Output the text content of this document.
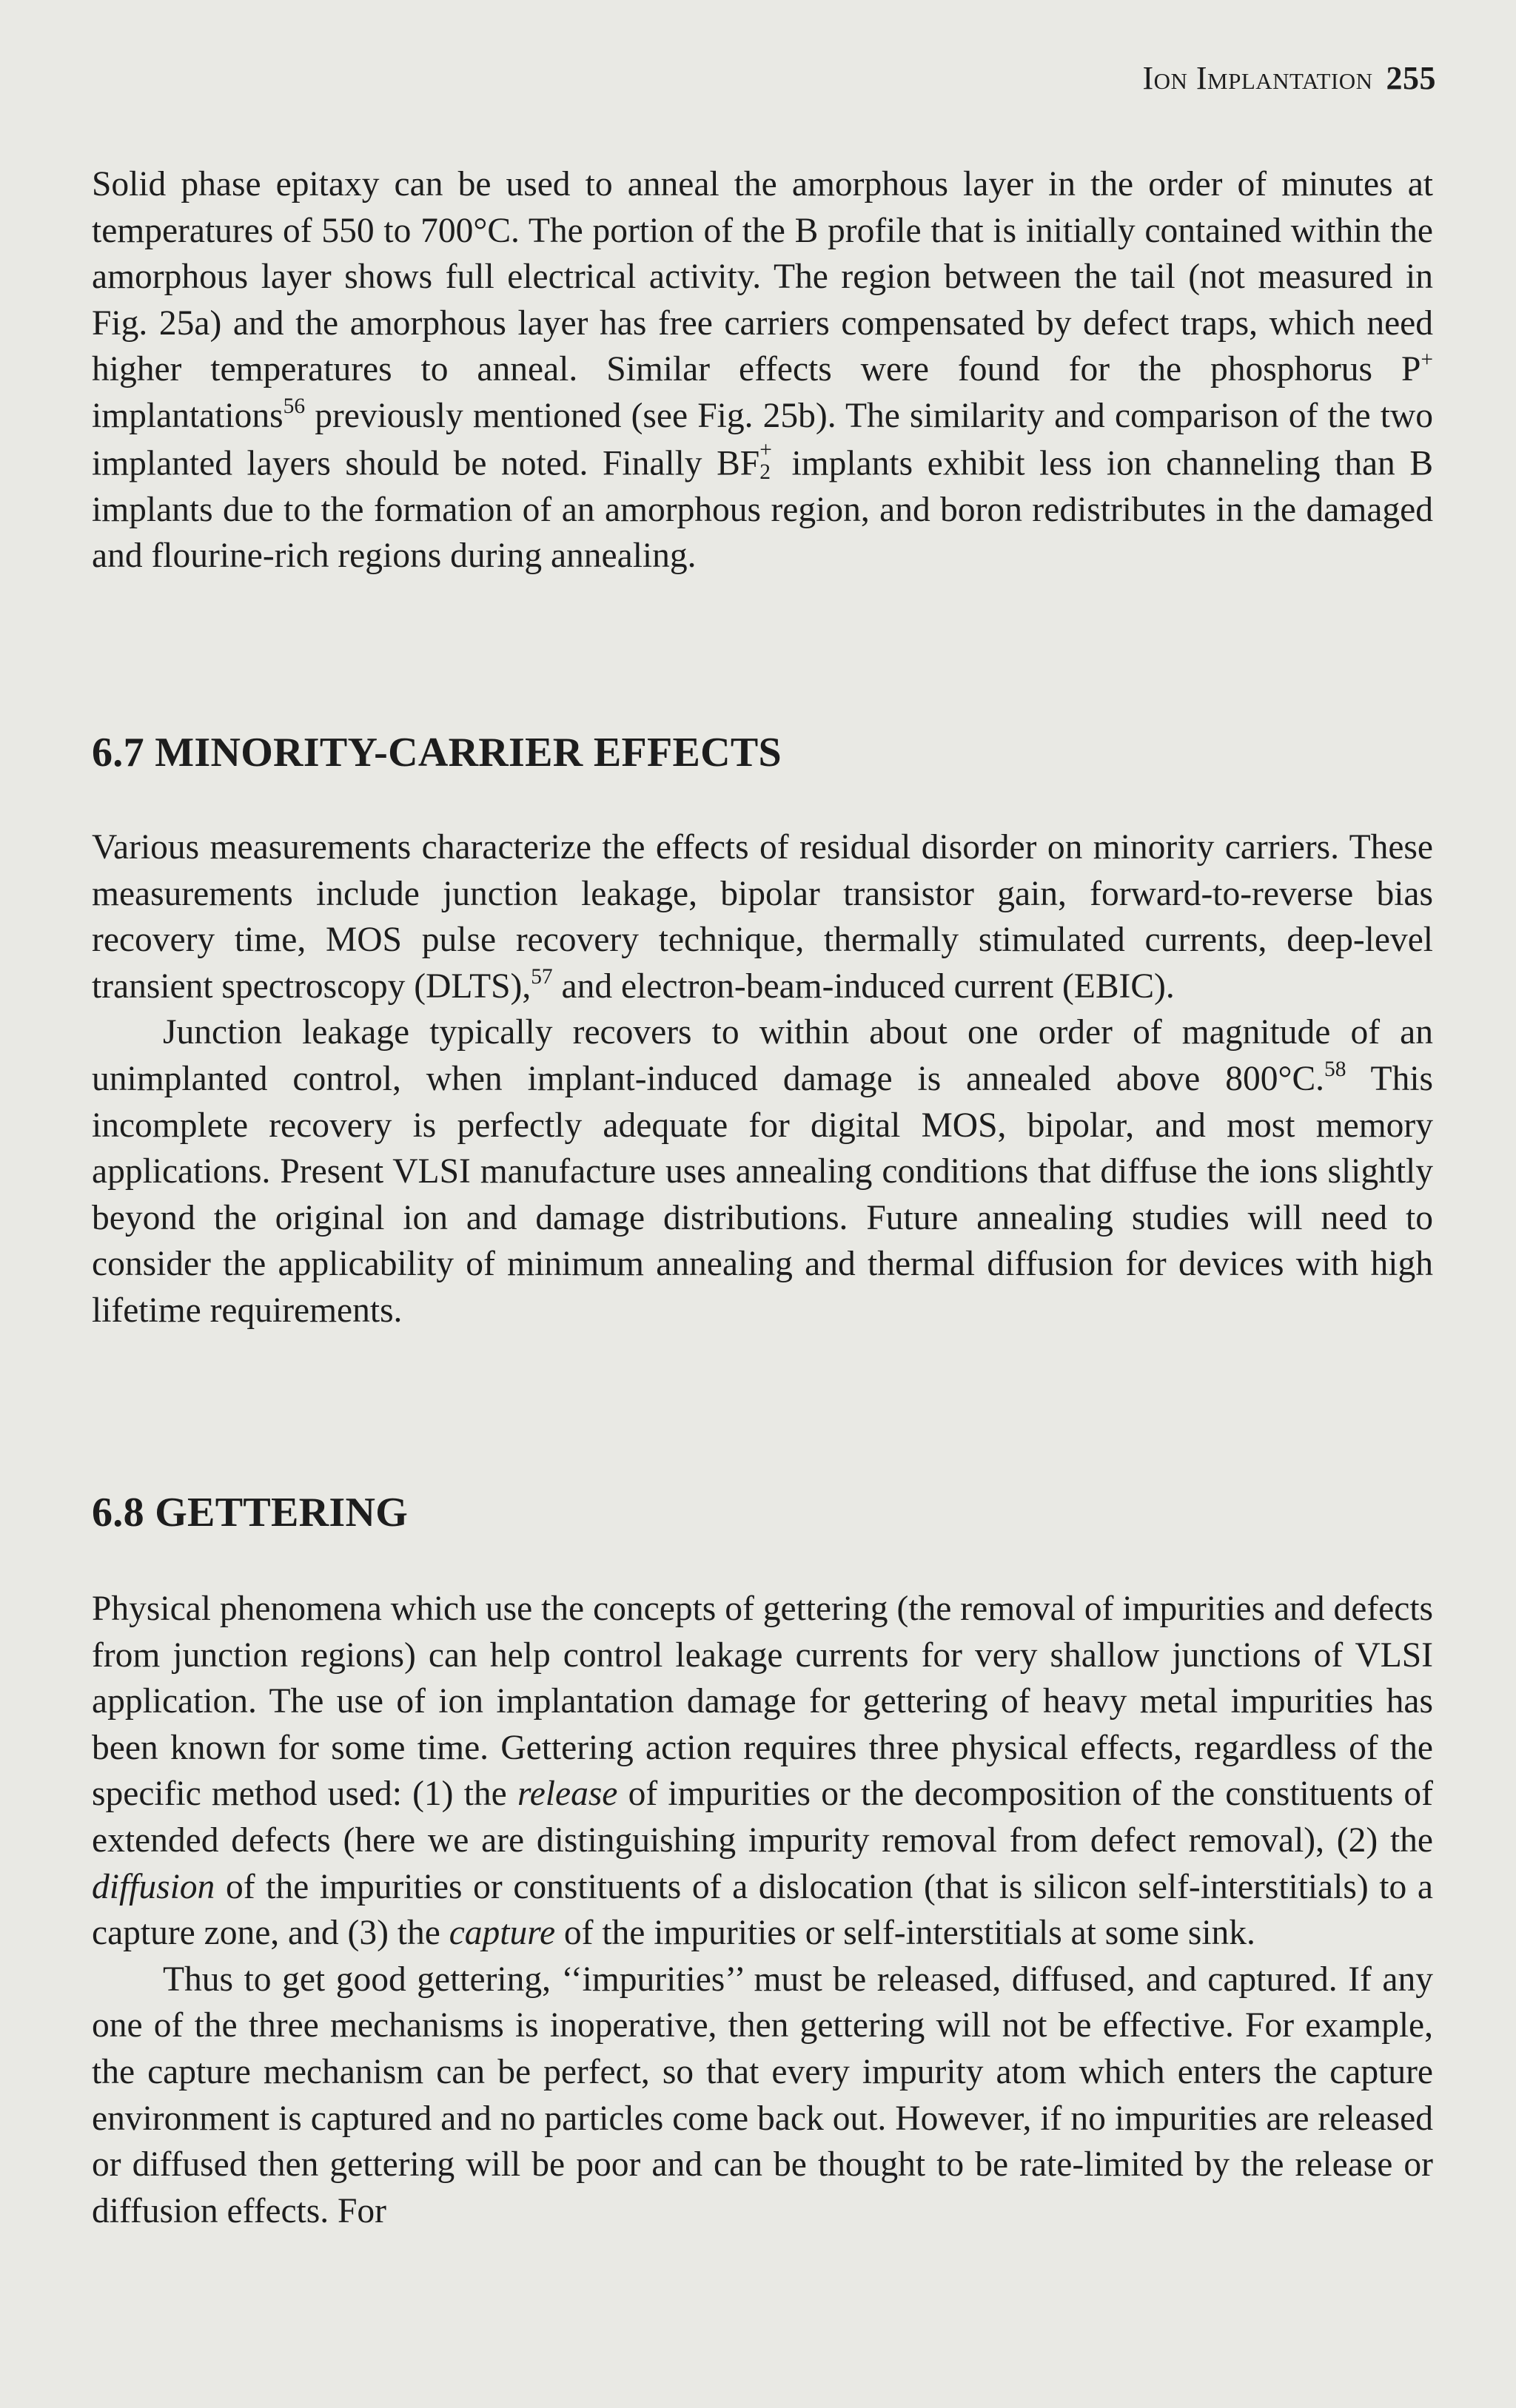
Ion Implantation 255

Solid phase epitaxy can be used to anneal the amorphous layer in the order of minutes at temperatures of 550 to 700°C. The portion of the B profile that is initially contained within the amorphous layer shows full electrical activity. The region between the tail (not measured in Fig. 25a) and the amorphous layer has free carriers compensated by defect traps, which need higher temperatures to anneal. Similar effects were found for the phosphorus P+ implantations$^{56}$ previously mentioned (see Fig. 25b). The similarity and comparison of the two implanted layers should be noted. Finally BF +
2 implants exhibit less ion channeling than B implants due to the formation of an amorphous region, and boron redistributes in the damaged and flourine-rich regions during annealing.

6.7 MINORITY-CARRIER EFFECTS

Various measurements characterize the effects of residual disorder on minority carriers. These measurements include junction leakage, bipolar transistor gain, forward-to-reverse bias recovery time, MOS pulse recovery technique, thermally stimulated currents, deep-level transient spectroscopy (DLTS),$^{57}$ and electron-beam-induced current (EBIC).

Junction leakage typically recovers to within about one order of magnitude of an unimplanted control, when implant-induced damage is annealed above 800°C.$^{58}$ This incomplete recovery is perfectly adequate for digital MOS, bipolar, and most memory applications. Present VLSI manufacture uses annealing conditions that diffuse the ions slightly beyond the original ion and damage distributions. Future annealing studies will need to consider the applicability of minimum annealing and thermal diffusion for devices with high lifetime requirements.

6.8 GETTERING

Physical phenomena which use the concepts of gettering (the removal of impurities and defects from junction regions) can help control leakage currents for very shallow junctions of VLSI application. The use of ion implantation damage for gettering of heavy metal impurities has been known for some time. Gettering action requires three physical effects, regardless of the specific method used: (1) the release of impurities or the decomposition of the constituents of extended defects (here we are distinguishing impurity removal from defect removal), (2) the diffusion of the impurities or constituents of a dislocation (that is silicon self-interstitials) to a capture zone, and (3) the capture of the impurities or self-interstitials at some sink.

Thus to get good gettering, ‘‘impurities’’ must be released, diffused, and captured. If any one of the three mechanisms is inoperative, then gettering will not be effective. For example, the capture mechanism can be perfect, so that every impurity atom which enters the capture environment is captured and no particles come back out. However, if no impurities are released or diffused then gettering will be poor and can be thought to be rate-limited by the release or diffusion effects. For
